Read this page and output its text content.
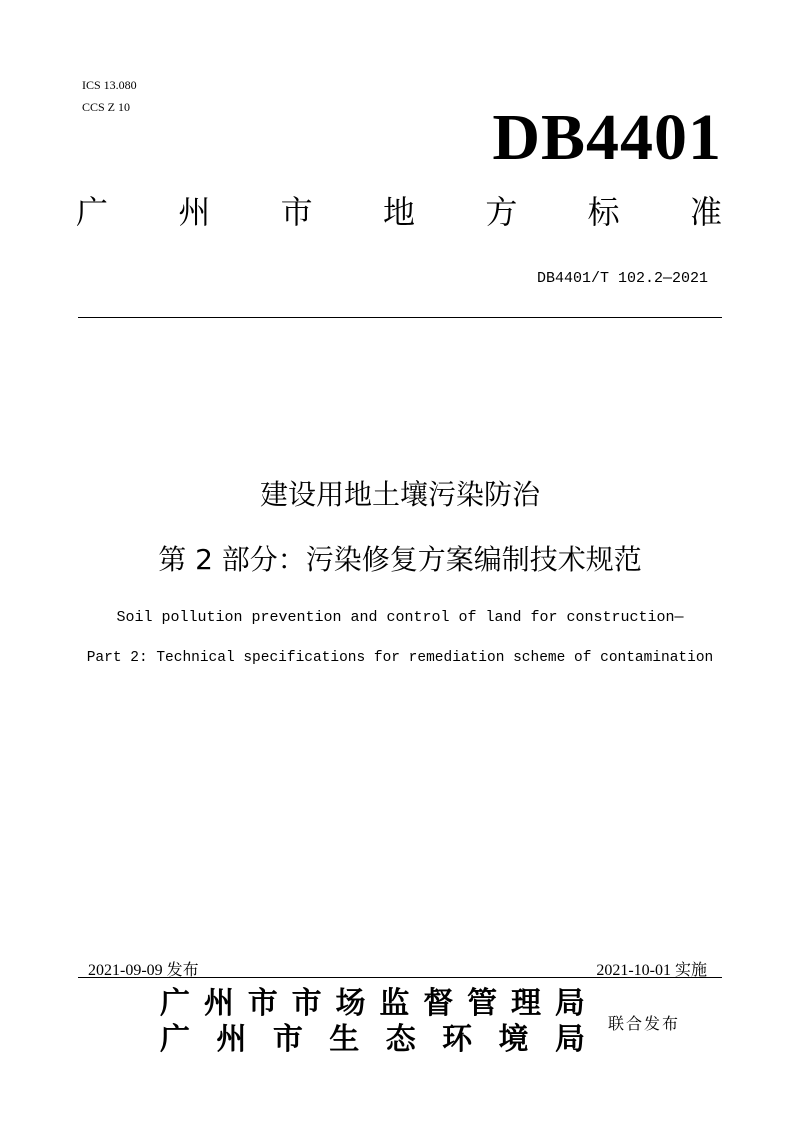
ICS 13.080
CCS Z 10	DB4401
广 州 市 地 方 标 准
DB4401/T 102.2—2021
建设用地土壤污染防治
第 2 部分：污染修复方案编制技术规范
Soil pollution prevention and control of land for construction—
Part 2: Technical specifications for remediation scheme of contamination
2021-09-09 发布	2021-10-01 实施
广 州 市 市 场 监 督 管 理 局
广 州 市 生 态 环 境 局 联合发布
